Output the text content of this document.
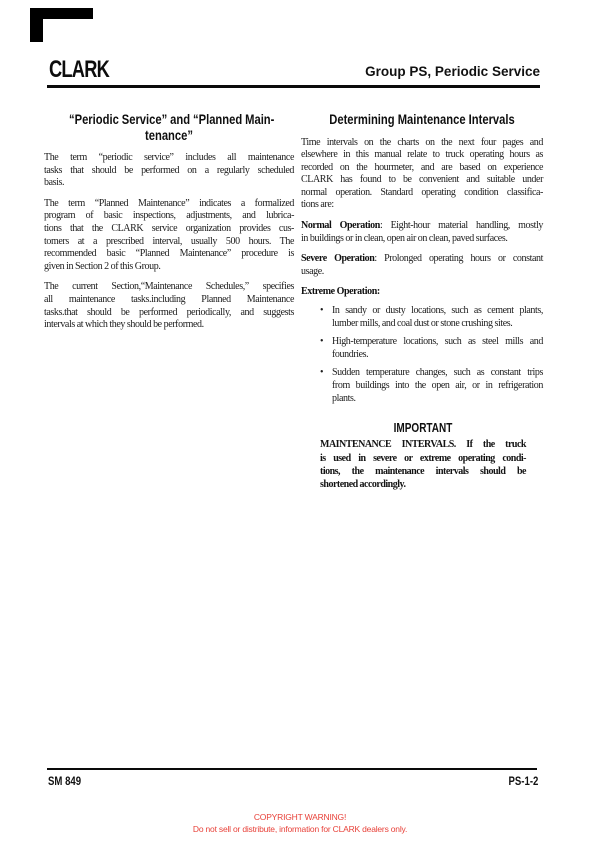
CLARK	Group PS, Periodic Service
“Periodic Service” and “Planned Main-
tenance”
The term “periodic service” includes all maintenance
tasks that should be performed on a regularly scheduled
basis.
The term “Planned Maintenance” indicates a formalized
program of basic inspections, adjustments, and lubrica-
tions that the CLARK service organization provides cus-
tomers at a prescribed interval, usually 500 hours. The
recommended basic “Planned Maintenance” procedure is
given in Section 2 of this Group.
The current Section,“Maintenance Schedules,” specifies
all maintenance tasks.including Planned Maintenance
tasks.that should be performed periodically, and suggests
intervals at which they should be performed.
Determining Maintenance Intervals
Time intervals on the charts on the next four pages and
elsewhere in this manual relate to truck operating hours as
recorded on the hourmeter, and are based on experience
CLARK has found to be convenient and suitable under
normal operation. Standard operating condition classifica-
tions are:
Normal Operation: Eight-hour material handling, mostly
in buildings or in clean, open air on clean, paved surfaces.
Severe Operation: Prolonged operating hours or constant
usage.
Extreme Operation:
• In sandy or dusty locations, such as cement plants,
lumber mills, and coal dust or stone crushing sites.
• High-temperature locations, such as steel mills and
foundries.
• Sudden temperature changes, such as constant trips
from buildings into the open air, or in refrigeration
plants.
IMPORTANT
MAINTENANCE INTERVALS. If the truck
is used in severe or extreme operating condi-
tions, the maintenance intervals should be
shortened accordingly.
SM 849	PS-1-2
COPYRIGHT WARNING!
Do not sell or distribute, information for CLARK dealers only.
